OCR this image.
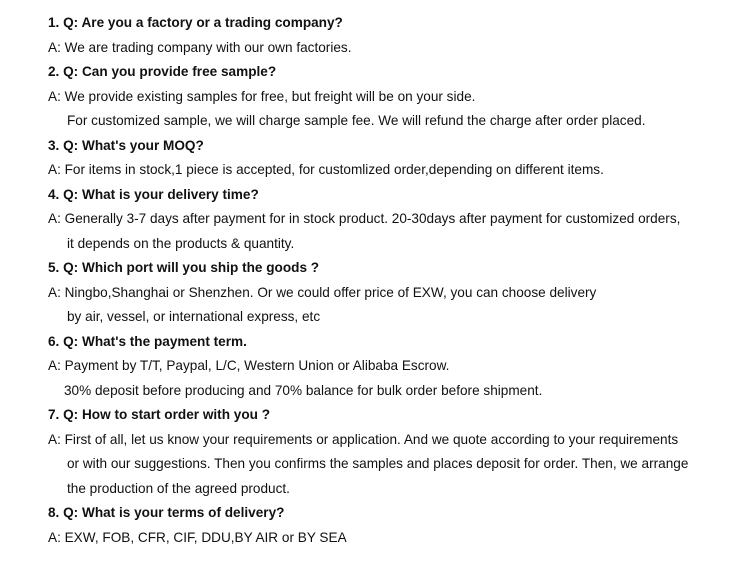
1. Q: Are you a factory or a trading company?
A: We are trading company with our own factories.
2. Q: Can you provide free sample?
A: We provide existing samples for free, but freight will be on your side.
For customized sample, we will charge sample fee. We will refund the charge after order placed.
3. Q: What's your MOQ?
A: For items in stock,1 piece is accepted, for customlized order,depending on different items.
4. Q: What is your delivery time?
A: Generally 3-7 days after payment for in stock product. 20-30days after payment for customized orders,
it depends on the products & quantity.
5. Q: Which port will you ship the goods ?
A: Ningbo,Shanghai or Shenzhen. Or we could offer price of EXW, you can choose delivery
by air, vessel, or international express, etc
6. Q: What's the payment term.
A: Payment by T/T, Paypal, L/C, Western Union or Alibaba Escrow.
30% deposit before producing and 70% balance for bulk order before shipment.
7. Q: How to start order with you ?
A: First of all, let us know your requirements or application. And we quote according to your requirements
or with our suggestions. Then you confirms the samples and places deposit for order. Then, we arrange
the production of the agreed product.
8. Q: What is your terms of delivery?
A: EXW, FOB, CFR, CIF, DDU,BY AIR or BY SEA
